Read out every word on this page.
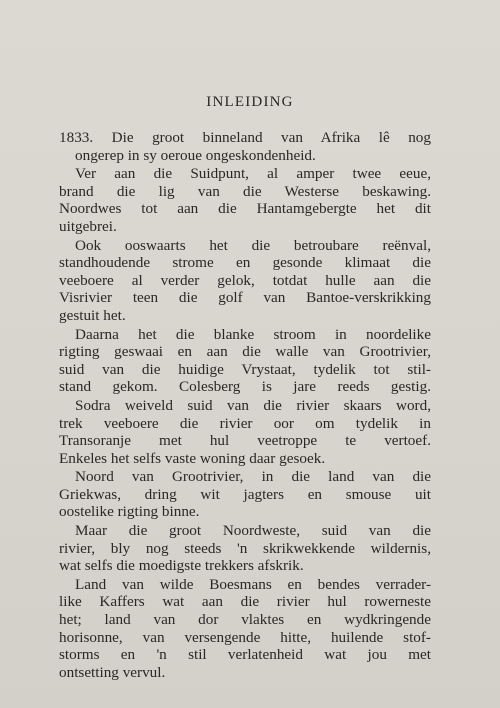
INLEIDING

1833. Die groot binneland van Afrika lê nog
ongerep in sy oeroue ongeskondenheid.

Ver aan die Suidpunt, al amper twee eeue,
brand die lig van die Westerse beskawing.
Noordwes tot aan die Hantamgebergte het dit
uitgebrei.

Ook ooswaarts het die betroubare reënval,
standhoudende strome en gesonde klimaat die
veeboere al verder gelok, totdat hulle aan die
Visrivier teen die golf van Bantoe-verskrikking
gestuit het.

Daarna het die blanke stroom in noordelike
rigting geswaai en aan die walle van Grootrivier,
suid van die huidige Vrystaat, tydelik tot stil-
stand gekom. Colesberg is jare reeds gestig.

Sodra weiveld suid van die rivier skaars word,
trek veeboere die rivier oor om tydelik in
Transoranje met hul veetroppe te vertoef.
Enkeles het selfs vaste woning daar gesoek.

Noord van Grootrivier, in die land van die
Griekwas, dring wit jagters en smouse uit
oostelike rigting binne.

Maar die groot Noordweste, suid van die
rivier, bly nog steeds 'n skrikwekkende wildernis,
wat selfs die moedigste trekkers afskrik.

Land van wilde Boesmans en bendes verrader-
like Kaffers wat aan die rivier hul rowerneste
het; land van dor vlaktes en wydkringende
horisonne, van versengende hitte, huilende stof-
storms en 'n stil verlatenheid wat jou met
ontsetting vervul.
